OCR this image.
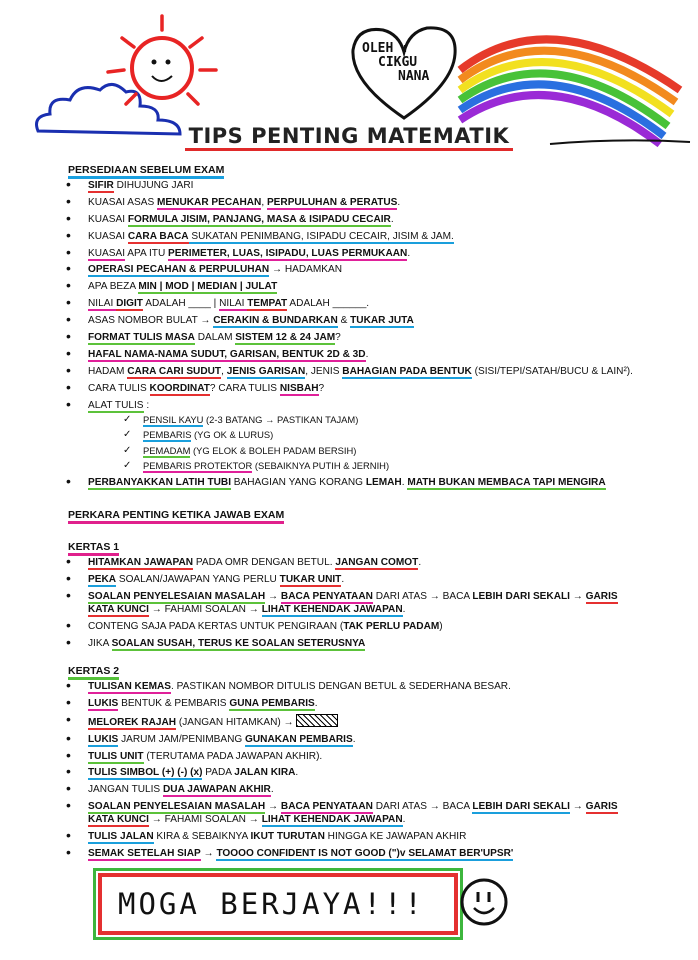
OLEH :
CIKGU
NANA
TIPS PENTING MATEMATIK
PERSEDIAAN SEBELUM EXAM
• SIFIR DIHUJUNG JARI
• KUASAI ASAS MENUKAR PECAHAN, PERPULUHAN & PERATUS.
• KUASAI FORMULA JISIM, PANJANG, MASA & ISIPADU CECAIR.
• KUASAI CARA BACA SUKATAN PENIMBANG, ISIPADU CECAIR, JISIM & JAM.
• KUASAI APA ITU PERIMETER, LUAS, ISIPADU, LUAS PERMUKAAN.
• OPERASI PECAHAN & PERPULUHAN → HADAMKAN
• APA BEZA MIN | MOD | MEDIAN | JULAT
• NILAI DIGIT ADALAH ____ | NILAI TEMPAT ADALAH ______.
• ASAS NOMBOR BULAT → CERAKIN & BUNDARKAN & TUKAR JUTA
• FORMAT TULIS MASA DALAM SISTEM 12 & 24 JAM?
• HAFAL NAMA-NAMA SUDUT, GARISAN, BENTUK 2D & 3D.
• HADAM CARA CARI SUDUT, JENIS GARISAN, JENIS BAHAGIAN PADA BENTUK (SISI/TEPI/SATAH/BUCU & LAIN²).
• CARA TULIS KOORDINAT? CARA TULIS NISBAH?
• ALAT TULIS :
✓ PENSIL KAYU (2-3 BATANG → PASTIKAN TAJAM)
✓ PEMBARIS (YG OK & LURUS)
✓ PEMADAM (YG ELOK & BOLEH PADAM BERSIH)
✓ PEMBARIS PROTEKTOR (SEBAIKNYA PUTIH & JERNIH)
• PERBANYAKKAN LATIH TUBI BAHAGIAN YANG KORANG LEMAH. MATH BUKAN MEMBACA TAPI MENGIRA
PERKARA PENTING KETIKA JAWAB EXAM
KERTAS 1
• HITAMKAN JAWAPAN PADA OMR DENGAN BETUL. JANGAN COMOT.
• PEKA SOALAN/JAWAPAN YANG PERLU TUKAR UNIT.
• SOALAN PENYELESAIAN MASALAH → BACA PENYATAAN DARI ATAS → BACA LEBIH DARI SEKALI → GARIS KATA KUNCI → FAHAMI SOALAN → LIHAT KEHENDAK JAWAPAN.
• CONTENG SAJA PADA KERTAS UNTUK PENGIRAAN (TAK PERLU PADAM)
• JIKA SOALAN SUSAH, TERUS KE SOALAN SETERUSNYA
KERTAS 2
• TULISAN KEMAS. PASTIKAN NOMBOR DITULIS DENGAN BETUL & SEDERHANA BESAR.
• LUKIS BENTUK & PEMBARIS GUNA PEMBARIS.
• MELOREK RAJAH (JANGAN HITAMKAN) →
• LUKIS JARUM JAM/PENIMBANG GUNAKAN PEMBARIS.
• TULIS UNIT (TERUTAMA PADA JAWAPAN AKHIR).
• TULIS SIMBOL (+) (-) (x) PADA JALAN KIRA.
• JANGAN TULIS DUA JAWAPAN AKHIR.
• SOALAN PENYELESAIAN MASALAH → BACA PENYATAAN DARI ATAS → BACA LEBIH DARI SEKALI → GARIS KATA KUNCI → FAHAMI SOALAN → LIHAT KEHENDAK JAWAPAN.
• TULIS JALAN KIRA & SEBAIKNYA IKUT TURUTAN HINGGA KE JAWAPAN AKHIR
• SEMAK SETELAH SIAP → TOOOO CONFIDENT IS NOT GOOD (")v SELAMAT BER'UPSR'
MOGA BERJAYA!!!
